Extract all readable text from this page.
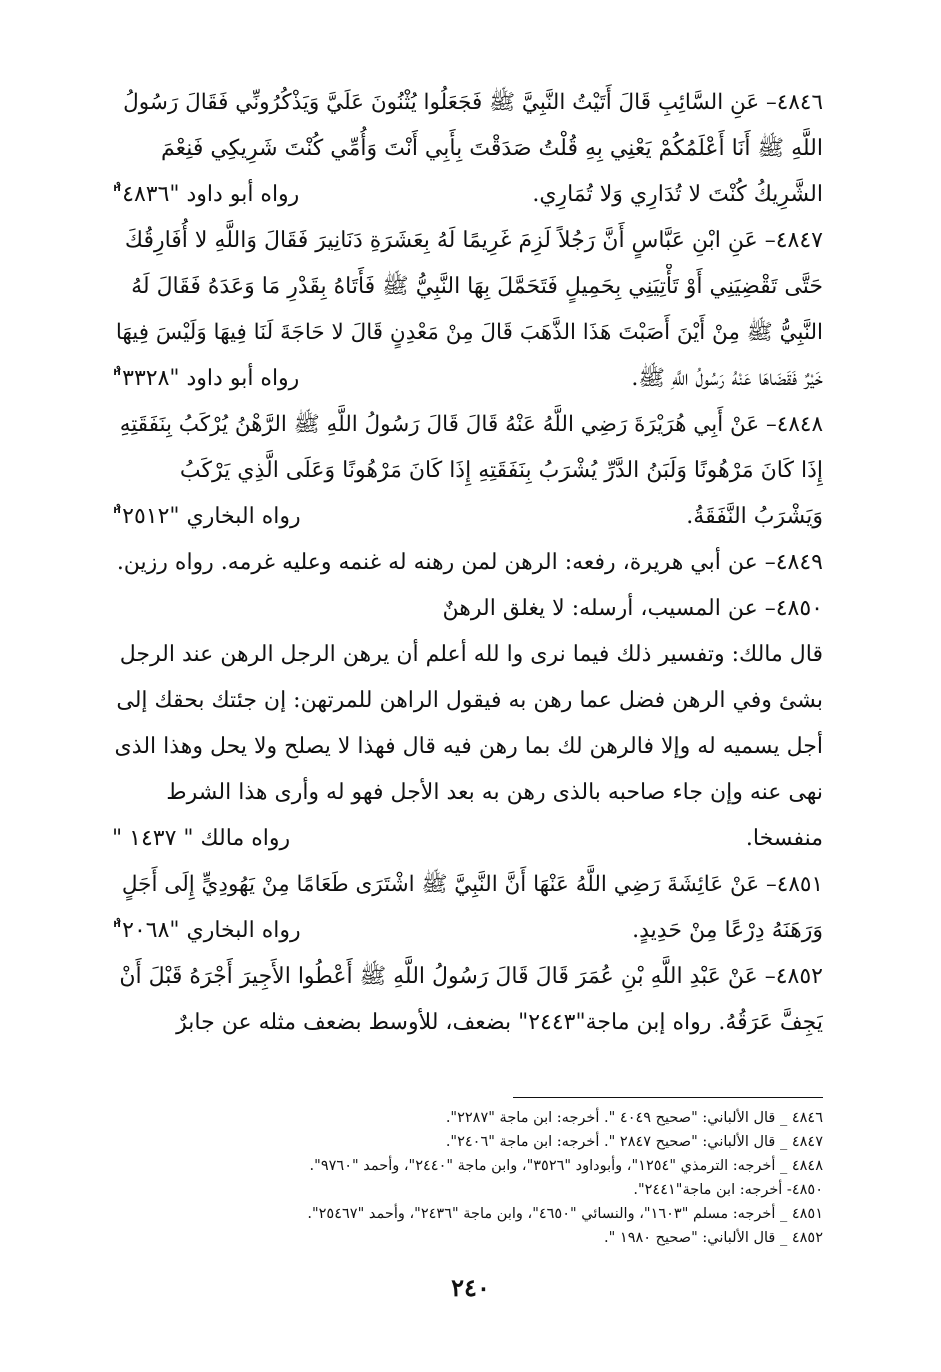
٤٨٤٦– عَنِ السَّائِبِ قَالَ أَتَيْتُ النَّبِيَّ ﷺ فَجَعَلُوا يُثْنُونَ عَلَيَّ وَيَذْكُرُونِّي فَقَالَ رَسُولُ
اللَّهِ ﷺ أَنَا أَعْلَمُكُمْ يَعْنِي بِهِ قُلْتُ صَدَقْتَ بِأَبِي أَنْتَ وَأُمِّي كُنْتَ شَرِيكِي فَنِعْمَ
الشَّرِيكُ كُنْتَ لا تُدَارِي وَلا تُمَارِي.
رواه أبو داود "٤٨٣٦"ٌ
٤٨٤٧– عَنِ ابْنِ عَبَّاسٍ أَنَّ رَجُلاً لَزِمَ غَرِيمًا لَهُ بِعَشَرَةِ دَنَانِيرَ فَقَالَ وَاللَّهِ لا أُفَارِقُكَ
حَتَّى تَقْضِيَنِي أَوْ تَأْتِيَنِي بِحَمِيلٍ فَتَحَمَّلَ بِهَا النَّبِيُّ ﷺ فَأَتَاهُ بِقَدْرِ مَا وَعَدَهُ فَقَالَ لَهُ
النَّبِيُّ ﷺ مِنْ أَيْنَ أَصَبْتَ هَذَا الذَّهَبَ قَالَ مِنْ مَعْدِنٍ قَالَ لا حَاجَةَ لَنَا فِيهَا وَلَيْسَ فِيهَا
خَيْرٌ فَقَضَاهَا عَنْهُ رَسُولُ اللَّهِ ﷺ.
رواه أبو داود "٣٣٢٨"ٌ
٤٨٤٨– عَنْ أَبِي هُرَيْرَةَ رَضِي اللَّهُ عَنْهُ قَالَ قَالَ رَسُولُ اللَّهِ ﷺ الرَّهْنُ يُرْكَبُ بِنَفَقَتِهِ
إِذَا كَانَ مَرْهُونًا وَلَبَنُ الدَّرِّ يُشْرَبُ بِنَفَقَتِهِ إِذَا كَانَ مَرْهُونًا وَعَلَى الَّذِي يَرْكَبُ
وَيَشْرَبُ النَّفَقَةُ.
رواه البخاري "٢٥١٢"ٌ
٤٨٤٩– عن أبي هريرة، رفعه: الرهن لمن رهنه له غنمه وعليه غرمه. رواه رزين.
٤٨٥٠– عن المسيب، أرسله: لا يغلق الرهنٌ
قال مالك: وتفسير ذلك فيما نرى وا لله أعلم أن يرهن الرجل الرهن عند الرجل
بشئ وفي الرهن فضل عما رهن به فيقول الراهن للمرتهن: إن جئتك بحقك إلى
أجل يسميه له وإلا فالرهن لك بما رهن فيه قال فهذا لا يصلح ولا يحل وهذا الذى
نهى عنه وإن جاء صاحبه بالذى رهن به بعد الأجل فهو له وأرى هذا الشرط
منفسخا.
رواه مالك " ١٤٣٧ "
٤٨٥١– عَنْ عَائِشَةَ رَضِي اللَّهُ عَنْهَا أَنَّ النَّبِيَّ ﷺ اشْتَرَى طَعَامًا مِنْ يَهُودِيٍّ إِلَى أَجَلٍ
وَرَهَنَهُ دِرْعًا مِنْ حَدِيدٍ.
رواه البخاري "٢٠٦٨"ٌ
٤٨٥٢– عَنْ عَبْدِ اللَّهِ بْنِ عُمَرَ قَالَ قَالَ رَسُولُ اللَّهِ ﷺ أَعْطُوا الأَجِيرَ أَجْرَهُ قَبْلَ أَنْ
يَجِفَّ عَرَقُهُ. رواه إبن ماجة"٢٤٤٣" بضعف، للأوسط بضعف مثله عن جابرٌ
٤٨٤٦ _ قال الألباني: "صحيح ٤٠٤٩ ". أخرجه: ابن ماجة "٢٢٨٧".
٤٨٤٧ _ قال الألباني: "صحيح ٢٨٤٧ ". أخرجه: ابن ماجة "٢٤٠٦".
٤٨٤٨ _ أخرجه: الترمذي "١٢٥٤"، وأبوداود "٣٥٢٦"، وابن ماجة "٢٤٤٠"، وأحمد "٩٧٦٠".
٤٨٥٠- أخرجه: ابن ماجة"٢٤٤١".
٤٨٥١ _ أخرجه: مسلم "١٦٠٣"، والنسائي "٤٦٥٠"، وابن ماجة "٢٤٣٦"، وأحمد "٢٥٤٦٧".
٤٨٥٢ _ قال الألباني: "صحيح ١٩٨٠ ".
٢٤٠
